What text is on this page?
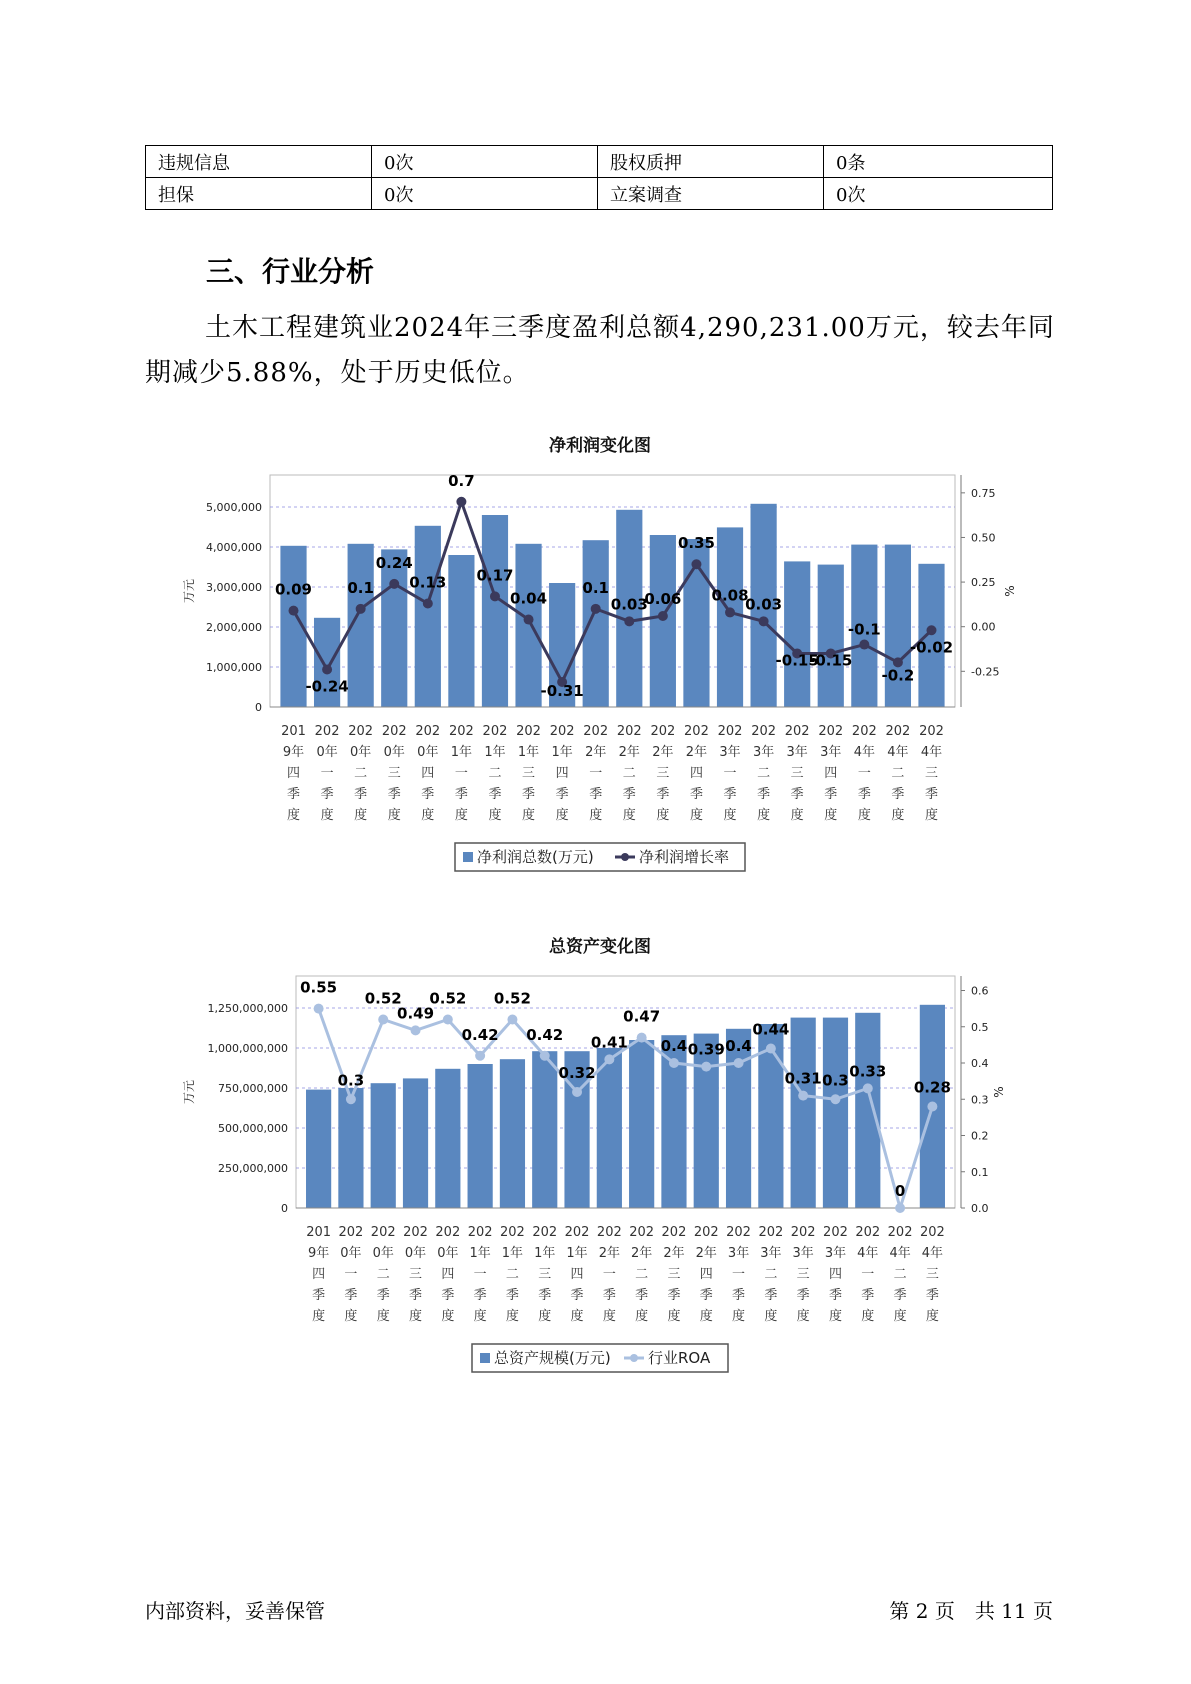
违规信息	0次	股权质押	0条
担保	0次	立案调查	0次
三、行业分析

土木工程建筑业2024年三季度盈利总额4,290,231.00万元，较去年同期减少5.88%，处于历史低位。

净利润变化图
0
1,000,000
2,000,000
3,000,000
4,000,000
5,000,000
-0.25
0.00
0.25
0.50
0.75
万元	%
0.09
-0.24
0.1
0.24
0.13
0.7
0.17
0.04
-0.31
0.1
0.03
0.06
0.35
0.08
0.03
-0.15
-0.15
-0.1
-0.2
-0.02
201
9年
四
季
度
202
0年
一
季
度
202
0年
二
季
度
202
0年
三
季
度
202
0年
四
季
度
202
1年
一
季
度
202
1年
二
季
度
202
1年
三
季
度
202
1年
四
季
度
202
2年
一
季
度
202
2年
二
季
度
202
2年
三
季
度
202
2年
四
季
度
202
3年
一
季
度
202
3年
二
季
度
202
3年
三
季
度
202
3年
四
季
度
202
4年
一
季
度
202
4年
二
季
度
202
4年
三
季
度
净利润总数(万元)	净利润增长率
总资产变化图
0
250,000,000
500,000,000
750,000,000
1,000,000,000
1,250,000,000
0.0
0.1
0.2
0.3
0.4
0.5
0.6
万元	%
0.55
0.3
0.52
0.49
0.52
0.42
0.52
0.42
0.32
0.41
0.47
0.4 0.39 0.4
0.44
0.31 0.3 0.33
0
0.28
201
9年
四
季
度
202
0年
一
季
度
202
0年
二
季
度
202
0年
三
季
度
202
0年
四
季
度
202
1年
一
季
度
202
1年
二
季
度
202
1年
三
季
度
202
1年
四
季
度
202
2年
一
季
度
202
2年
二
季
度
202
2年
三
季
度
202
2年
四
季
度
202
3年
一
季
度
202
3年
二
季
度
202
3年
三
季
度
202
3年
四
季
度
202
4年
一
季
度
202
4年
二
季
度
202
4年
三
季
度
总资产规模(万元) 行业ROA

内部资料，妥善保管	第 2 页　共 11 页
